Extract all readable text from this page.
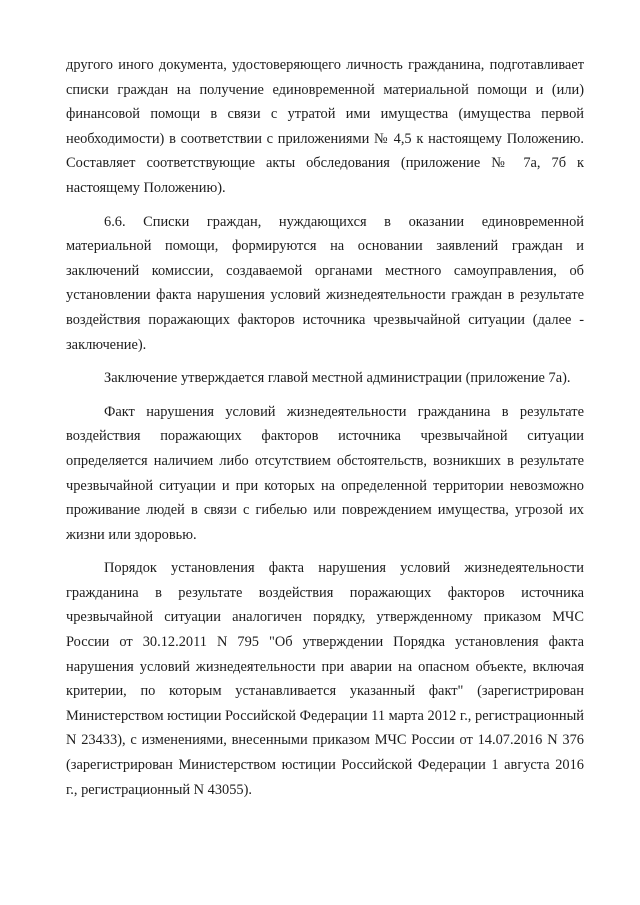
другого иного документа, удостоверяющего личность гражданина, подготавливает списки граждан на получение единовременной материальной помощи и (или) финансовой помощи в связи с утратой ими имущества (имущества первой необходимости) в соответствии с приложениями № 4,5 к настоящему Положению. Составляет соответствующие акты обследования (приложение № 7а, 7б к настоящему Положению).

6.6. Списки граждан, нуждающихся в оказании единовременной материальной помощи, формируются на основании заявлений граждан и заключений комиссии, создаваемой органами местного самоуправления, об установлении факта нарушения условий жизнедеятельности граждан в результате воздействия поражающих факторов источника чрезвычайной ситуации (далее - заключение).

Заключение утверждается главой местной администрации (приложение 7а).

Факт нарушения условий жизнедеятельности гражданина в результате воздействия поражающих факторов источника чрезвычайной ситуации определяется наличием либо отсутствием обстоятельств, возникших в результате чрезвычайной ситуации и при которых на определенной территории невозможно проживание людей в связи с гибелью или повреждением имущества, угрозой их жизни или здоровью.

Порядок установления факта нарушения условий жизнедеятельности гражданина в результате воздействия поражающих факторов источника чрезвычайной ситуации аналогичен порядку, утвержденному приказом МЧС России от 30.12.2011 N 795 "Об утверждении Порядка установления факта нарушения условий жизнедеятельности при аварии на опасном объекте, включая критерии, по которым устанавливается указанный факт" (зарегистрирован Министерством юстиции Российской Федерации 11 марта 2012 г., регистрационный N 23433), с изменениями, внесенными приказом МЧС России от 14.07.2016 N 376 (зарегистрирован Министерством юстиции Российской Федерации 1 августа 2016 г., регистрационный N 43055).
